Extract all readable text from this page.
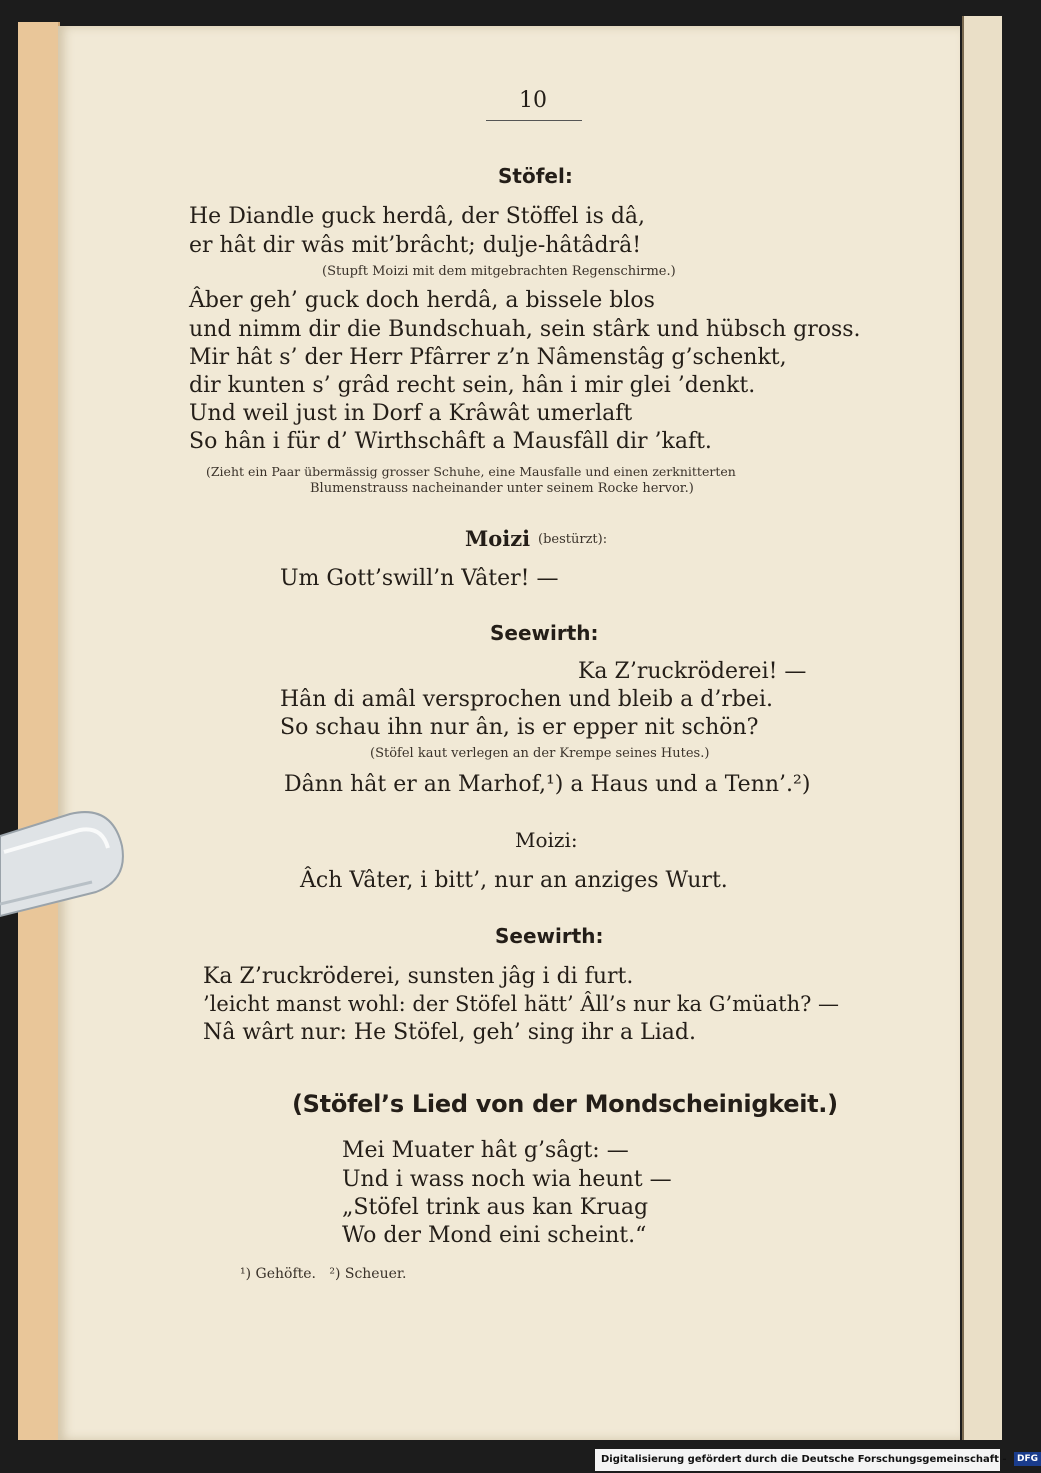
10
Stöfel:
He Diandle guck herdâ, der Stöffel is dâ,
er hât dir wâs mit’brâcht; dulje-hâtâdrâ!
(Stupft Moizi mit dem mitgebrachten Regenschirme.)
Âber geh’ guck doch herdâ, a bissele blos
und nimm dir die Bundschuah, sein stârk und hübsch gross.
Mir hât s’ der Herr Pfârrer z’n Nâmenstâg g’schenkt,
dir kunten s’ grâd recht sein, hân i mir glei ’denkt.
Und weil just in Dorf a Krâwât umerlaft
So hân i für d’ Wirthschâft a Mausfâll dir ’kaft.
(Zieht ein Paar übermässig grosser Schuhe, eine Mausfalle und einen zerknitterten
Blumenstrauss nacheinander unter seinem Rocke hervor.)
Moizi (bestürzt):
Um Gott’swill’n Vâter! —
Seewirth:
Ka Z’ruckröderei! —
Hân di amâl versprochen und bleib a d’rbei.
So schau ihn nur ân, is er epper nit schön?
(Stöfel kaut verlegen an der Krempe seines Hutes.)
Dânn hât er an Marhof,¹) a Haus und a Tenn’.²)
Moizi:
Âch Vâter, i bitt’, nur an anziges Wurt.
Seewirth:
Ka Z’ruckröderei, sunsten jâg i di furt.
’leicht manst wohl: der Stöfel hätt’ Âll’s nur ka G’müath? —
Nâ wârt nur: He Stöfel, geh’ sing ihr a Liad.
(Stöfel’s Lied von der Mondscheinigkeit.)
Mei Muater hât g’sâgt: —
Und i wass noch wia heunt —
„Stöfel trink aus kan Kruag
Wo der Mond eini scheint.“
¹) Gehöfte.   ²) Scheuer.
Digitalisierung gefördert durch die Deutsche Forschungsgemeinschaft - DFG
